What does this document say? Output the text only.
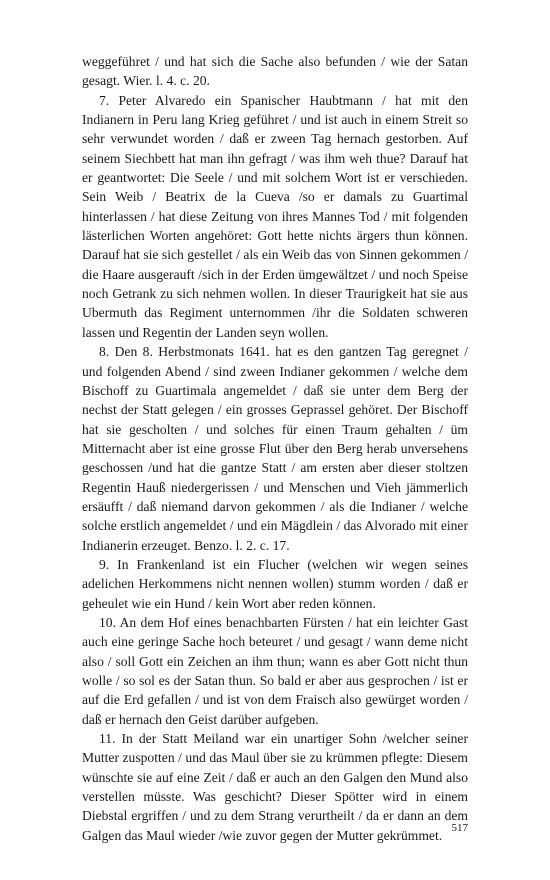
weggeführet / und hat sich die Sache also befunden / wie der Satan gesagt. Wier. l. 4. c. 20.

7. Peter Alvaredo ein Spanischer Haubtmann / hat mit den Indianern in Peru lang Krieg geführet / und ist auch in einem Streit so sehr verwundet worden / daß er zween Tag hernach gestorben. Auf seinem Siechbett hat man ihn gefragt / was ihm weh thue? Darauf hat er geantwortet: Die Seele / und mit solchem Wort ist er verschieden. Sein Weib / Beatrix de la Cueva /so er damals zu Guartimal hinterlassen / hat diese Zeitung von ihres Mannes Tod / mit folgenden lästerlichen Worten angehöret: Gott hette nichts ärgers thun können. Darauf hat sie sich gestellet / als ein Weib das von Sinnen gekommen / die Haare ausgerauft /sich in der Erden ümgewältzet / und noch Speise noch Getrank zu sich nehmen wollen. In dieser Traurigkeit hat sie aus Ubermuth das Regiment unternommen /ihr die Soldaten schweren lassen und Regentin der Landen seyn wollen.

8. Den 8. Herbstmonats 1641. hat es den gantzen Tag geregnet / und folgenden Abend / sind zween Indianer gekommen / welche dem Bischoff zu Guartimala angemeldet / daß sie unter dem Berg der nechst der Statt gelegen / ein grosses Geprassel gehöret. Der Bischoff hat sie gescholten / und solches für einen Traum gehalten / üm Mitternacht aber ist eine grosse Flut über den Berg herab unversehens geschossen /und hat die gantze Statt / am ersten aber dieser stoltzen Regentin Hauß niedergerissen / und Menschen und Vieh jämmerlich ersäufft / daß niemand darvon gekommen / als die Indianer / welche solche erstlich angemeldet / und ein Mägdlein / das Alvorado mit einer Indianerin erzeuget. Benzo. l. 2. c. 17.

9. In Frankenland ist ein Flucher (welchen wir wegen seines adelichen Herkommens nicht nennen wollen) stumm worden / daß er geheulet wie ein Hund / kein Wort aber reden können.

10. An dem Hof eines benachbarten Fürsten / hat ein leichter Gast auch eine geringe Sache hoch beteuret / und gesagt / wann deme nicht also / soll Gott ein Zeichen an ihm thun; wann es aber Gott nicht thun wolle / so sol es der Satan thun. So bald er aber aus gesprochen / ist er auf die Erd gefallen / und ist von dem Fraisch also gewürget worden / daß er hernach den Geist darüber aufgeben.

11. In der Statt Meiland war ein unartiger Sohn /welcher seiner Mutter zuspotten / und das Maul über sie zu krümmen pflegte: Diesem wünschte sie auf eine Zeit / daß er auch an den Galgen den Mund also verstellen müsste. Was geschicht? Dieser Spötter wird in einem Diebstal ergriffen / und zu dem Strang verurtheilt / da er dann an dem Galgen das Maul wieder /wie zuvor gegen der Mutter gekrümmet. 517
